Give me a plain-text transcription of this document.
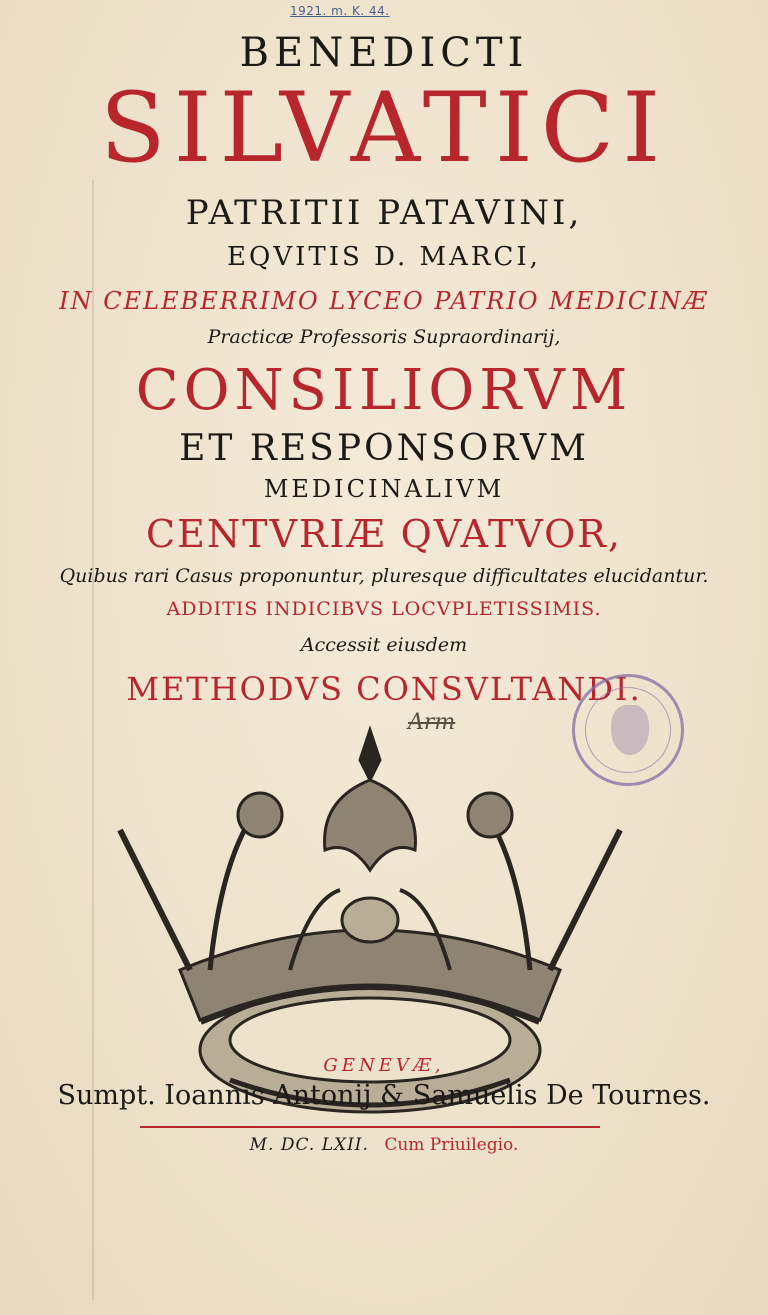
1921. m. K. 44.
BENEDICTI
SILVATICI
PATRITII PATAVINI,
EQVITIS D. MARCI,
IN CELEBERRIMO LYCEO PATRIO MEDICINÆ
Practicæ Professoris Supraordinarij,
CONSILIORVM
ET RESPONSORVM
MEDICINALIVM
CENTVRIÆ QVATVOR,
Quibus rari Casus proponuntur, pluresque difficultates elucidantur.
ADDITIS INDICIBVS LOCVPLETISSIMIS.
Accessit eiusdem
METHODVS CONSVLTANDI.
Arm
GENEVÆ,
Sumpt. Ioannis Antonij & Samuelis De Tournes.
M. DC. LXII. Cum Priuilegio.
